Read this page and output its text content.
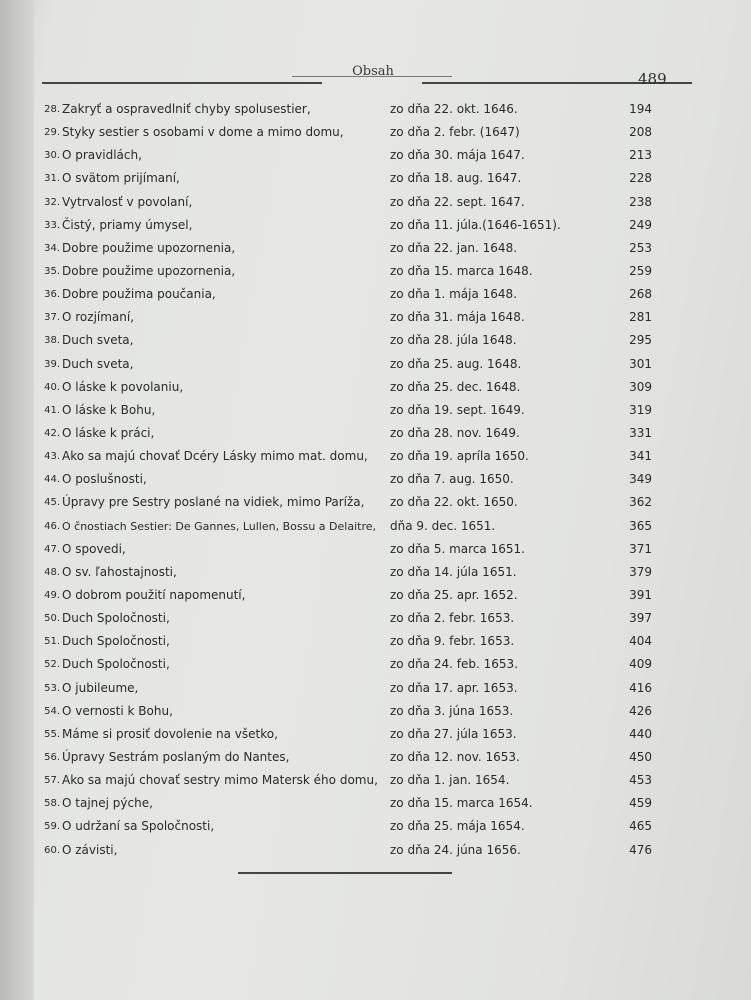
Obsah	489
28. Zakryť a ospravedlniť chyby spolusestier,	zo dňa 22. okt. 1646.	194
29. Styky sestier s osobami v dome a mimo domu,	zo dňa 2. febr. (1647)	208
30. O pravidlách,	zo dňa 30. mája 1647.	213
31. O svätom prijímaní,	zo dňa 18. aug. 1647.	228
32. Vytrvalosť v povolaní,	zo dňa 22. sept. 1647.	238
33. Čistý, priamy úmysel,	zo dňa 11. júla.(1646-1651).	249
34. Dobre použime upozornenia,	zo dňa 22. jan. 1648.	253
35. Dobre použime upozornenia,	zo dňa 15. marca 1648.	259
36. Dobre použima poučania,	zo dňa 1. mája 1648.	268
37. O rozjímaní,	zo dňa 31. mája 1648.	281
38. Duch sveta,	zo dňa 28. júla 1648.	295
39. Duch sveta,	zo dňa 25. aug. 1648.	301
40. O láske k povolaniu,	zo dňa 25. dec. 1648.	309
41. O láske k Bohu,	zo dňa 19. sept. 1649.	319
42. O láske k práci,	zo dňa 28. nov. 1649.	331
43. Ako sa majú chovať Dcéry Lásky mimo mat. domu, zo dňa 19. apríla 1650.	341
44. O poslušnosti,	zo dňa 7. aug. 1650.	349
45. Úpravy pre Sestry poslané na vidiek, mimo Paríža, zo dňa 22. okt. 1650.	362
46. O čnostiach Sestier: De Gannes, Lullen, Bossu a Delaitre, dňa 9. dec. 1651.	365
47. O spovedi,	zo dňa 5. marca 1651.	371
48. O sv. ľahostajnosti,	zo dňa 14. júla 1651.	379
49. O dobrom použití napomenutí,	zo dňa 25. apr. 1652.	391
50. Duch Spoločnosti,	zo dňa 2. febr. 1653.	397
51. Duch Spoločnosti,	zo dňa 9. febr. 1653.	404
52. Duch Spoločnosti,	zo dňa 24. feb. 1653.	409
53. O jubileume,	zo dňa 17. apr. 1653.	416
54. O vernosti k Bohu,	zo dňa 3. júna 1653.	426
55. Máme si prosiť dovolenie na všetko,	zo dňa 27. júla 1653.	440
56. Úpravy Sestrám poslaným do Nantes,	zo dňa 12. nov. 1653.	450
57. Ako sa majú chovať sestry mimo Matersk ého domu, zo dňa 1. jan. 1654.	453
58. O tajnej pýche,	zo dňa 15. marca 1654.	459
59. O udržaní sa Spoločnosti,	zo dňa 25. mája 1654.	465
60. O závisti,	zo dňa 24. júna 1656.	476
